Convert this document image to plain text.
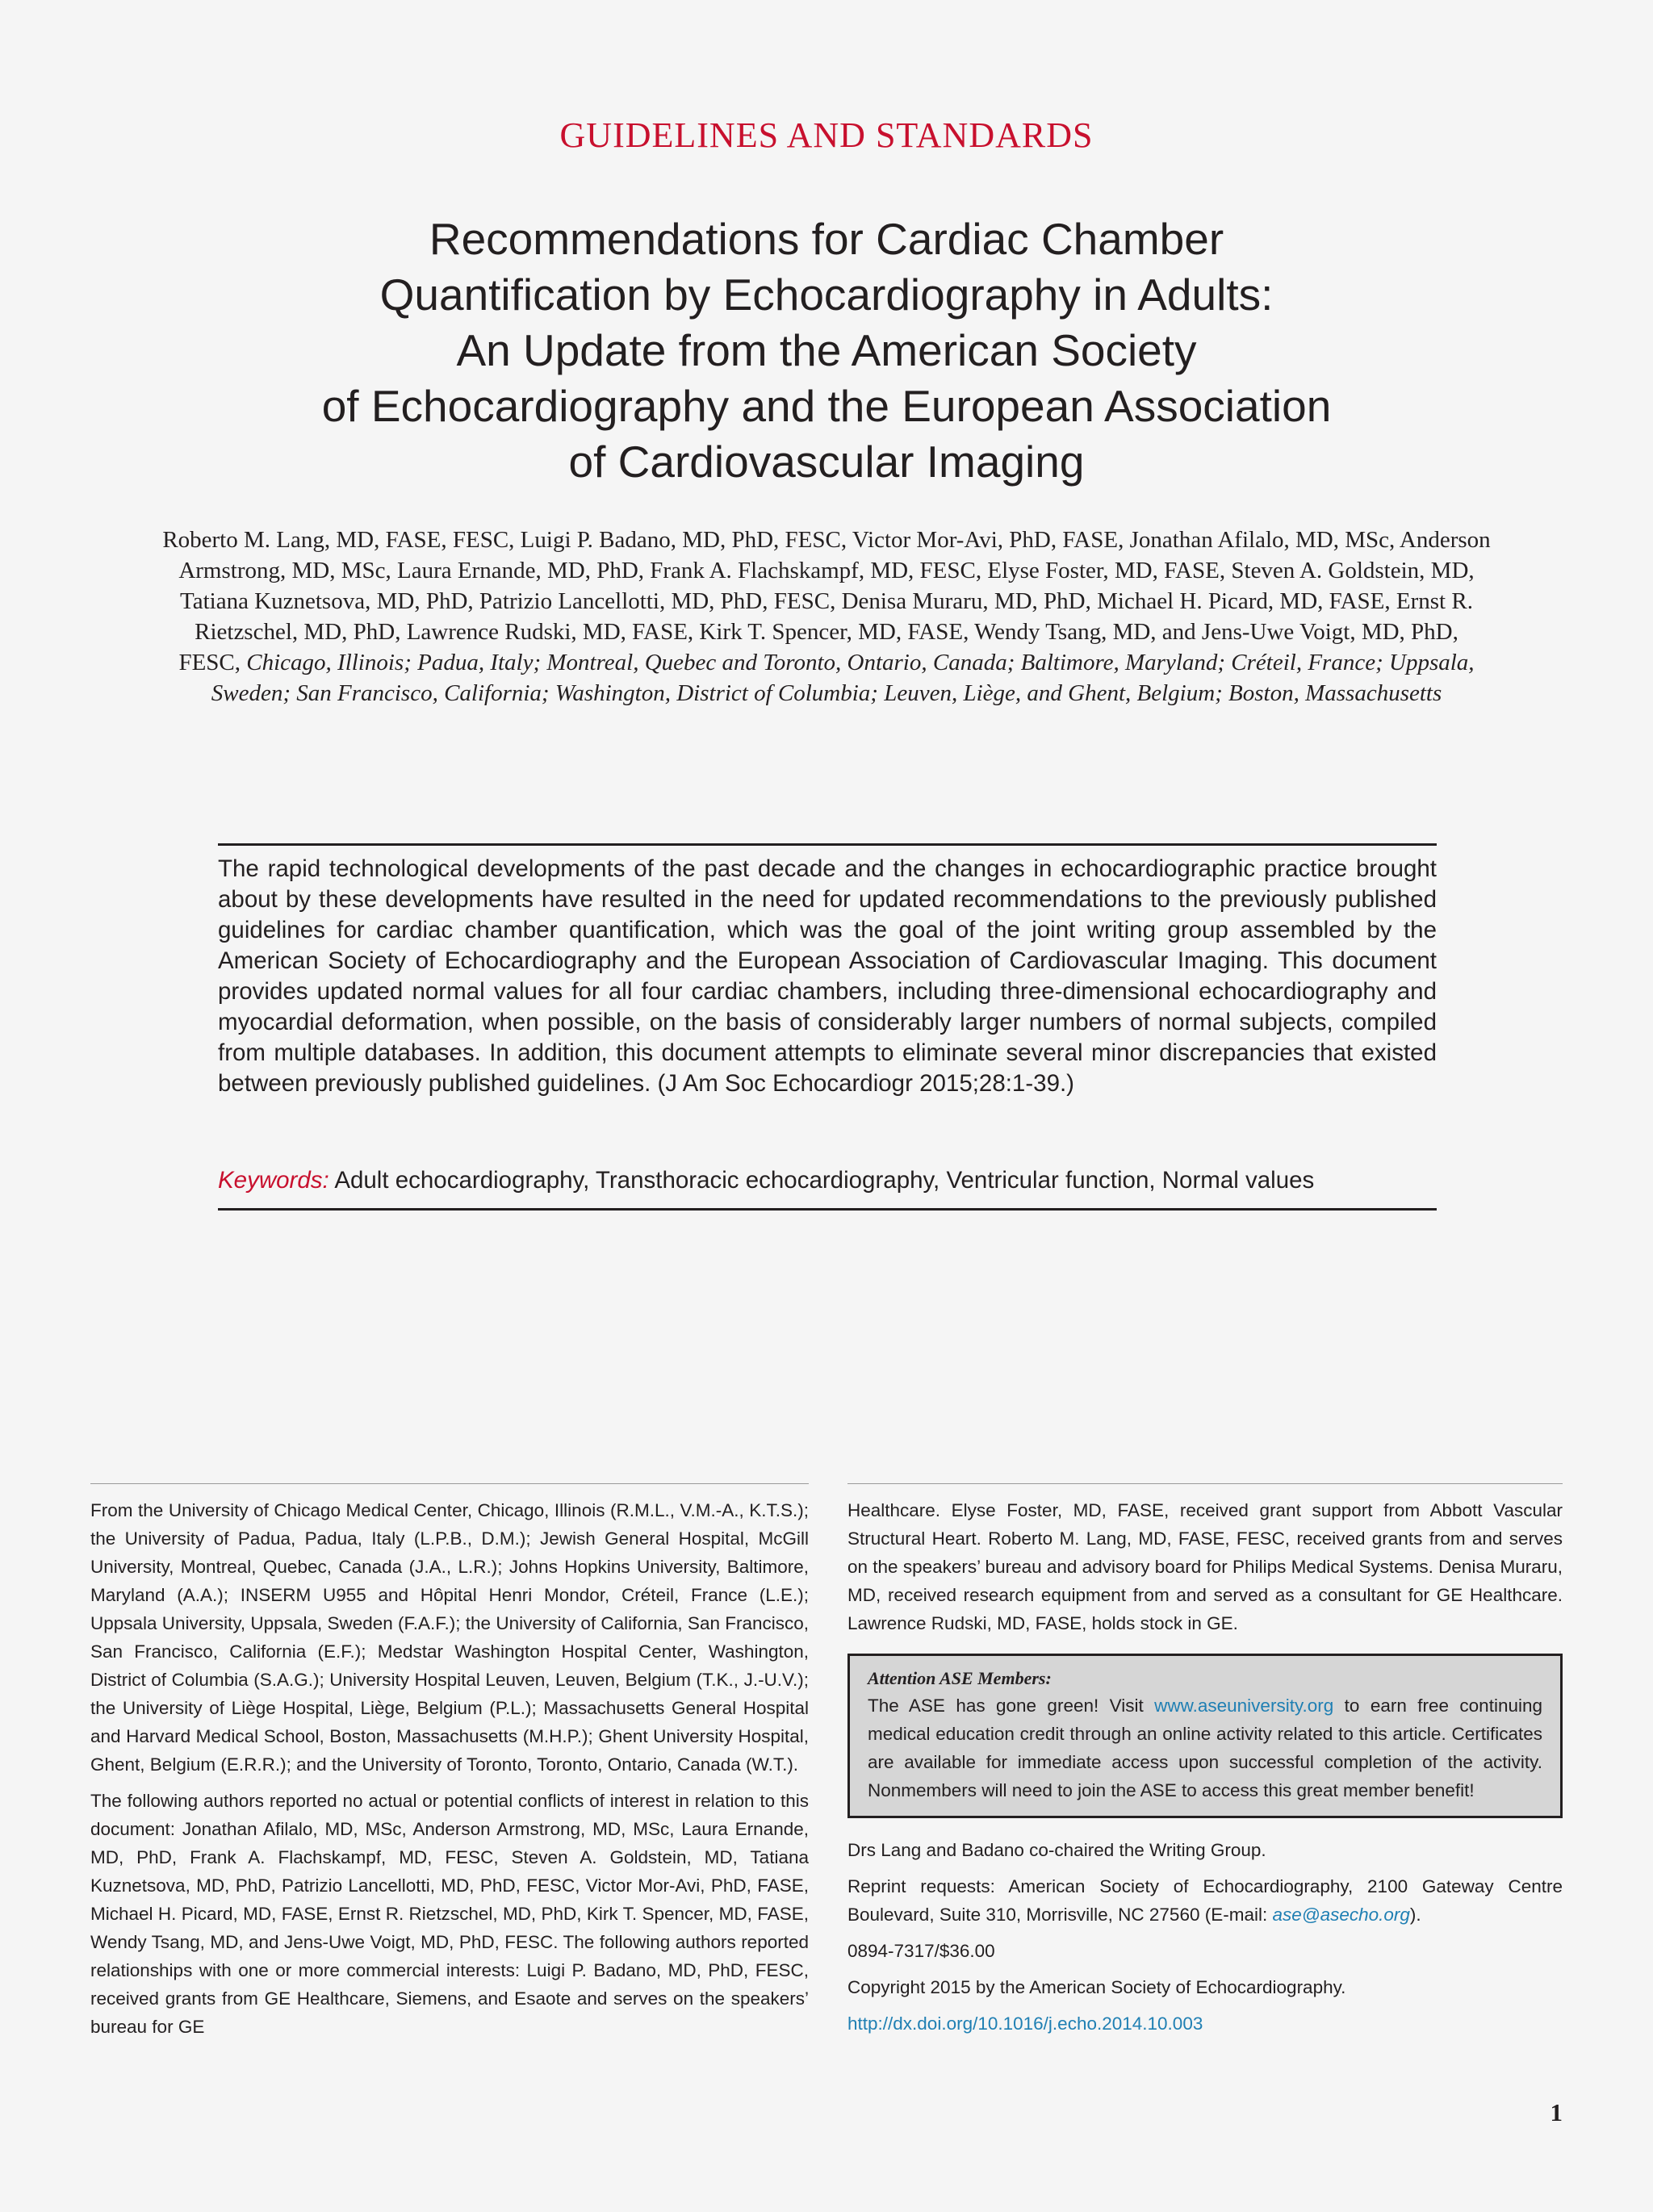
GUIDELINES AND STANDARDS
Recommendations for Cardiac Chamber
Quantification by Echocardiography in Adults:
An Update from the American Society
of Echocardiography and the European Association
of Cardiovascular Imaging
Roberto M. Lang, MD, FASE, FESC, Luigi P. Badano, MD, PhD, FESC, Victor Mor-Avi, PhD, FASE, Jonathan Afilalo, MD, MSc, Anderson Armstrong, MD, MSc, Laura Ernande, MD, PhD, Frank A. Flachskampf, MD, FESC, Elyse Foster, MD, FASE, Steven A. Goldstein, MD, Tatiana Kuznetsova, MD, PhD, Patrizio Lancellotti, MD, PhD, FESC, Denisa Muraru, MD, PhD, Michael H. Picard, MD, FASE, Ernst R. Rietzschel, MD, PhD, Lawrence Rudski, MD, FASE, Kirk T. Spencer, MD, FASE, Wendy Tsang, MD, and Jens-Uwe Voigt, MD, PhD, FESC, Chicago, Illinois; Padua, Italy; Montreal, Quebec and Toronto, Ontario, Canada; Baltimore, Maryland; Créteil, France; Uppsala, Sweden; San Francisco, California; Washington, District of Columbia; Leuven, Liège, and Ghent, Belgium; Boston, Massachusetts
The rapid technological developments of the past decade and the changes in echocardiographic practice brought about by these developments have resulted in the need for updated recommendations to the previously published guidelines for cardiac chamber quantification, which was the goal of the joint writing group assembled by the American Society of Echocardiography and the European Association of Cardiovascular Imaging. This document provides updated normal values for all four cardiac chambers, including three-dimensional echocardiography and myocardial deformation, when possible, on the basis of considerably larger numbers of normal subjects, compiled from multiple databases. In addition, this document attempts to eliminate several minor discrepancies that existed between previously published guidelines. (J Am Soc Echocardiogr 2015;28:1-39.)
Keywords: Adult echocardiography, Transthoracic echocardiography, Ventricular function, Normal values

From the University of Chicago Medical Center, Chicago, Illinois (R.M.L., V.M.-A., K.T.S.); the University of Padua, Padua, Italy (L.P.B., D.M.); Jewish General Hospital, McGill University, Montreal, Quebec, Canada (J.A., L.R.); Johns Hopkins University, Baltimore, Maryland (A.A.); INSERM U955 and Hôpital Henri Mondor, Créteil, France (L.E.); Uppsala University, Uppsala, Sweden (F.A.F.); the University of California, San Francisco, San Francisco, California (E.F.); Medstar Washington Hospital Center, Washington, District of Columbia (S.A.G.); University Hospital Leuven, Leuven, Belgium (T.K., J.-U.V.); the University of Liège Hospital, Liège, Belgium (P.L.); Massachusetts General Hospital and Harvard Medical School, Boston, Massachusetts (M.H.P.); Ghent University Hospital, Ghent, Belgium (E.R.R.); and the University of Toronto, Toronto, Ontario, Canada (W.T.).

The following authors reported no actual or potential conflicts of interest in relation to this document: Jonathan Afilalo, MD, MSc, Anderson Armstrong, MD, MSc, Laura Ernande, MD, PhD, Frank A. Flachskampf, MD, FESC, Steven A. Goldstein, MD, Tatiana Kuznetsova, MD, PhD, Patrizio Lancellotti, MD, PhD, FESC, Victor Mor-Avi, PhD, FASE, Michael H. Picard, MD, FASE, Ernst R. Rietzschel, MD, PhD, Kirk T. Spencer, MD, FASE, Wendy Tsang, MD, and Jens-Uwe Voigt, MD, PhD, FESC. The following authors reported relationships with one or more commercial interests: Luigi P. Badano, MD, PhD, FESC, received grants from GE Healthcare, Siemens, and Esaote and serves on the speakers’ bureau for GE

Healthcare. Elyse Foster, MD, FASE, received grant support from Abbott Vascular Structural Heart. Roberto M. Lang, MD, FASE, FESC, received grants from and serves on the speakers’ bureau and advisory board for Philips Medical Systems. Denisa Muraru, MD, received research equipment from and served as a consultant for GE Healthcare. Lawrence Rudski, MD, FASE, holds stock in GE.

Attention ASE Members:
The ASE has gone green! Visit www.aseuniversity.org to earn free continuing medical education credit through an online activity related to this article. Certificates are available for immediate access upon successful completion of the activity. Nonmembers will need to join the ASE to access this great member benefit!

Drs Lang and Badano co-chaired the Writing Group.

Reprint requests: American Society of Echocardiography, 2100 Gateway Centre Boulevard, Suite 310, Morrisville, NC 27560 (E-mail: ase@asecho.org).

0894-7317/$36.00

Copyright 2015 by the American Society of Echocardiography.

http://dx.doi.org/10.1016/j.echo.2014.10.003

1
